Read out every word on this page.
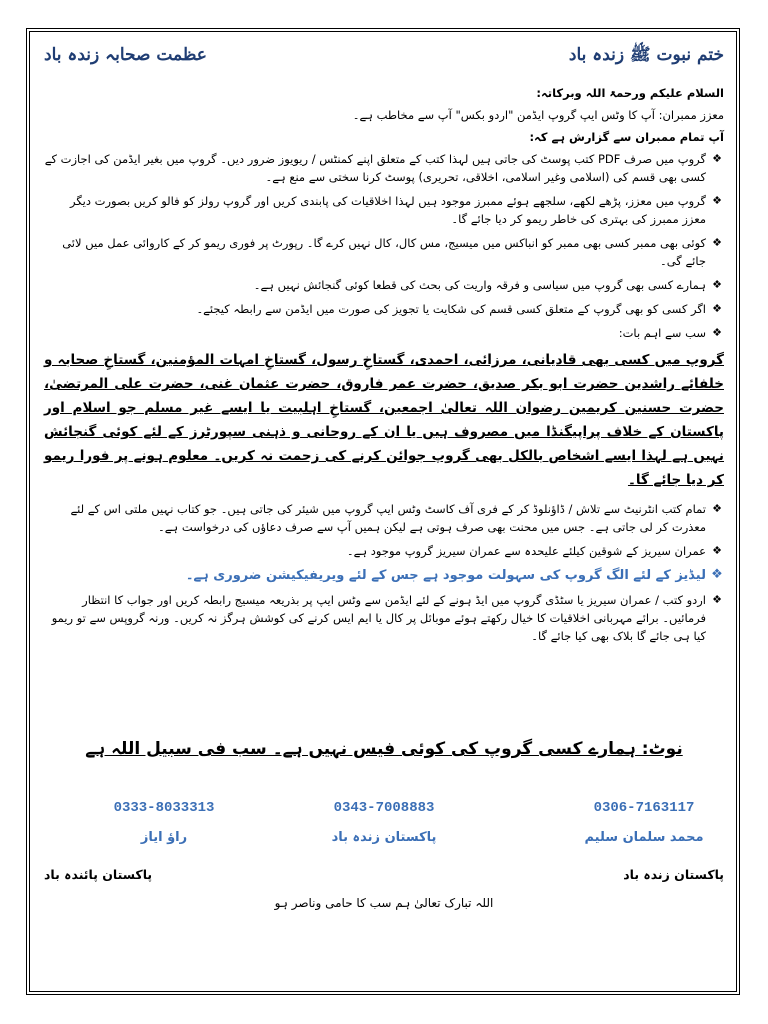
ختم نبوت ﷺ زندہ باد
عظمت صحابہ زندہ باد

السلام علیکم ورحمۃ اللہ وبرکاتہ:

معزز ممبران: آپ کا وٹس ایپ گروپ ایڈمن "اردو بکس" آپ سے مخاطب ہے۔

آپ تمام ممبران سے گزارش ہے کہ:

❖
گروپ میں صرف PDF کتب پوسٹ کی جاتی ہیں لہذا کتب کے متعلق اپنے کمنٹس / ریویوز ضرور دیں۔ گروپ میں بغیر ایڈمن کی اجازت کے کسی بھی قسم کی (اسلامی وغیر اسلامی، اخلاقی، تحریری) پوسٹ کرنا سختی سے منع ہے۔
❖
گروپ میں معزز، پڑھے لکھے، سلجھے ہوئے ممبرز موجود ہیں لہذا اخلاقیات کی پابندی کریں اور گروپ رولز کو فالو کریں بصورت دیگر معزز ممبرز کی بہتری کی خاطر ریمو کر دیا جائے گا۔
❖
کوئی بھی ممبر کسی بھی ممبر کو انباکس میں میسیج، مس کال، کال نہیں کرے گا۔ رپورٹ پر فوری ریمو کر کے کاروائی عمل میں لائی جائے گی۔
❖
ہمارے کسی بھی گروپ میں سیاسی و فرقہ واریت کی بحث کی قطعا کوئی گنجائش نہیں ہے۔
❖
اگر کسی کو بھی گروپ کے متعلق کسی قسم کی شکایت یا تجویز کی صورت میں ایڈمن سے رابطہ کیجئے۔
❖
سب سے اہم بات:

گروپ میں کسی بھی قادیانی، مرزائی، احمدی، گستاخِ رسول، گستاخِ امہات المؤمنین، گستاخِ صحابہ و خلفائے راشدین حضرت ابو بکر صدیق، حضرت عمر فاروق، حضرت عثمان غنی، حضرت علی المرتضیٰ، حضرت حسنین کریمین رضوان اللہ تعالیٰ اجمعین، گستاخِ اہلبیت یا ایسے غیر مسلم جو اسلام اور پاکستان کے خلاف پراپیگنڈا میں مصروف ہیں یا ان کے روحانی و ذہنی سپورٹرز کے لئے کوئی گنجائش نہیں ہے لہذا ایسے اشخاص بالکل بھی گروپ جوائن کرنے کی زحمت نہ کریں۔ معلوم ہونے پر فورا ریمو کر دیا جائے گا۔

❖
تمام کتب انٹرنیٹ سے تلاش / ڈاؤنلوڈ کر کے فری آف کاسٹ وٹس ایپ گروپ میں شیئر کی جاتی ہیں۔ جو کتاب نہیں ملتی اس کے لئے معذرت کر لی جاتی ہے۔ جس میں محنت بھی صرف ہوتی ہے لیکن ہمیں آپ سے صرف دعاؤں کی درخواست ہے۔
❖
عمران سیریز کے شوقین کیلئے علیحدہ سے عمران سیریز گروپ موجود ہے۔
❖
لیڈیز کے لئے الگ گروپ کی سہولت موجود ہے جس کے لئے ویریفیکیشن ضروری ہے۔
❖
اردو کتب / عمران سیریز یا سٹڈی گروپ میں ایڈ ہونے کے لئے ایڈمن سے وٹس ایپ پر بذریعہ میسیج رابطہ کریں اور جواب کا انتظار فرمائیں۔ برائے مہربانی اخلاقیات کا خیال رکھتے ہوئے موبائل پر کال یا ایم ایس کرنے کی کوشش ہرگز نہ کریں۔ ورنہ گروپس سے تو ریمو کیا ہی جائے گا بلاک بھی کیا جائے گا۔
نوٹ: ہمارے کسی گروپ کی کوئی فیس نہیں ہے۔ سب فی سبیل اللہ ہے
0306-7163117
محمد سلمان سلیم
0343-7008883
پاکستان زندہ باد
0333-8033313
راؤ ایاز
پاکستان زندہ باد
پاکستان پائندہ باد
اللہ تبارک تعالیٰ ہم سب کا حامی وناصر ہو
